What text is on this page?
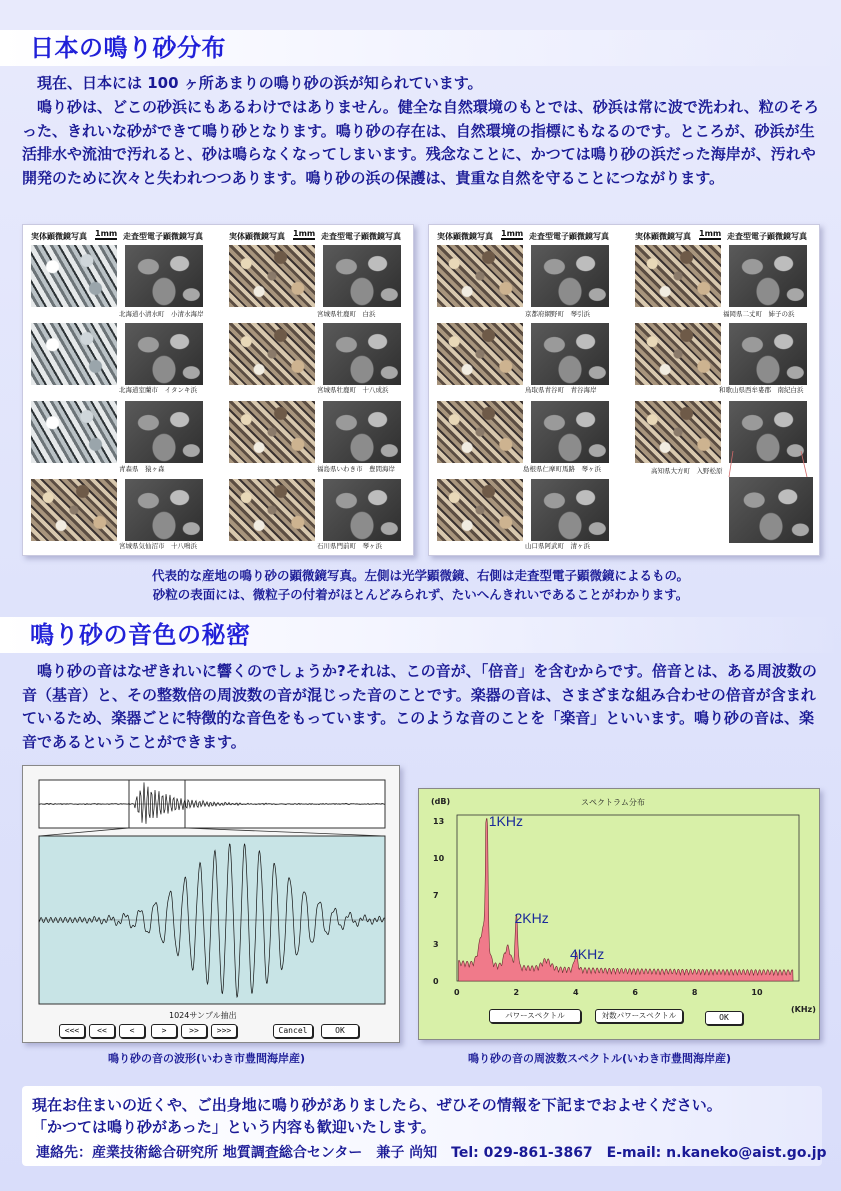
日本の鳴り砂分布
現在、日本には 100 ヶ所あまりの鳴り砂の浜が知られています。
鳴り砂は、どこの砂浜にもあるわけではありません。健全な自然環境のもとでは、砂浜は常に波で洗われ、粒のそろった、きれいな砂ができて鳴り砂となります。鳴り砂の存在は、自然環境の指標にもなるのです。ところが、砂浜が生活排水や流油で汚れると、砂は鳴らなくなってしまいます。残念なことに、かつては鳴り砂の浜だった海岸が、汚れや開発のために次々と失われつつあります。鳴り砂の浜の保護は、貴重な自然を守ることにつながります。
実体顕微鏡写真 1mm 走査型電子顕微鏡写真	実体顕微鏡写真 1mm 走査型電子顕微鏡写真
北海道小清水町　小清水海岸	宮城県牡鹿町　白浜
北海道室蘭市　イタンキ浜	宮城県牡鹿町　十八成浜
青森県　猿ヶ森	福島県いわき市　豊間海岸
宮城県気仙沼市　十八鳴浜	石川県門前町　琴ヶ浜
実体顕微鏡写真 1mm 走査型電子顕微鏡写真	実体顕微鏡写真 1mm 走査型電子顕微鏡写真
京都府網野町　琴引浜	福岡県二丈町　姉子の浜
鳥取県青谷町　青谷海岸	和歌山県西牟婁郡　南紀白浜
島根県仁摩町馬路　琴ヶ浜	高知県大方町　入野松原
山口県阿武町　清ヶ浜
代表的な産地の鳴り砂の顕微鏡写真。左側は光学顕微鏡、右側は走査型電子顕微鏡によるもの。
砂粒の表面には、微粒子の付着がほとんどみられず、たいへんきれいであることがわかります。
鳴り砂の音色の秘密
鳴り砂の音はなぜきれいに響くのでしょうか?それは、この音が、「倍音」を含むからです。倍音とは、ある周波数の音（基音）と、その整数倍の周波数の音が混じった音のことです。楽器の音は、さまざまな組み合わせの倍音が含まれているため、楽器ごとに特徴的な音色をもっています。このような音のことを「楽音」といいます。鳴り砂の音は、楽音であるということができます。
1024サンプル抽出
<<<	<<	<	>	>>	>>>	Cancel	OK
鳴り砂の音の波形(いわき市豊間海岸産)
13
10
7
3
0
0	2	4	6	8	10
1KHz
2KHz
4KHz
(dB)	スペクトラム分布
(KHz)
パワースペクトル	対数パワースペクトル	OK
鳴り砂の音の周波数スペクトル(いわき市豊間海岸産)
現在お住まいの近くや、ご出身地に鳴り砂がありましたら、ぜひその情報を下記までおよせください。
「かつては鳴り砂があった」という内容も歓迎いたします。
連絡先：産業技術総合研究所 地質調査総合センター　兼子 尚知　Tel: 029-861-3867　E-mail: n.kaneko@aist.go.jp
